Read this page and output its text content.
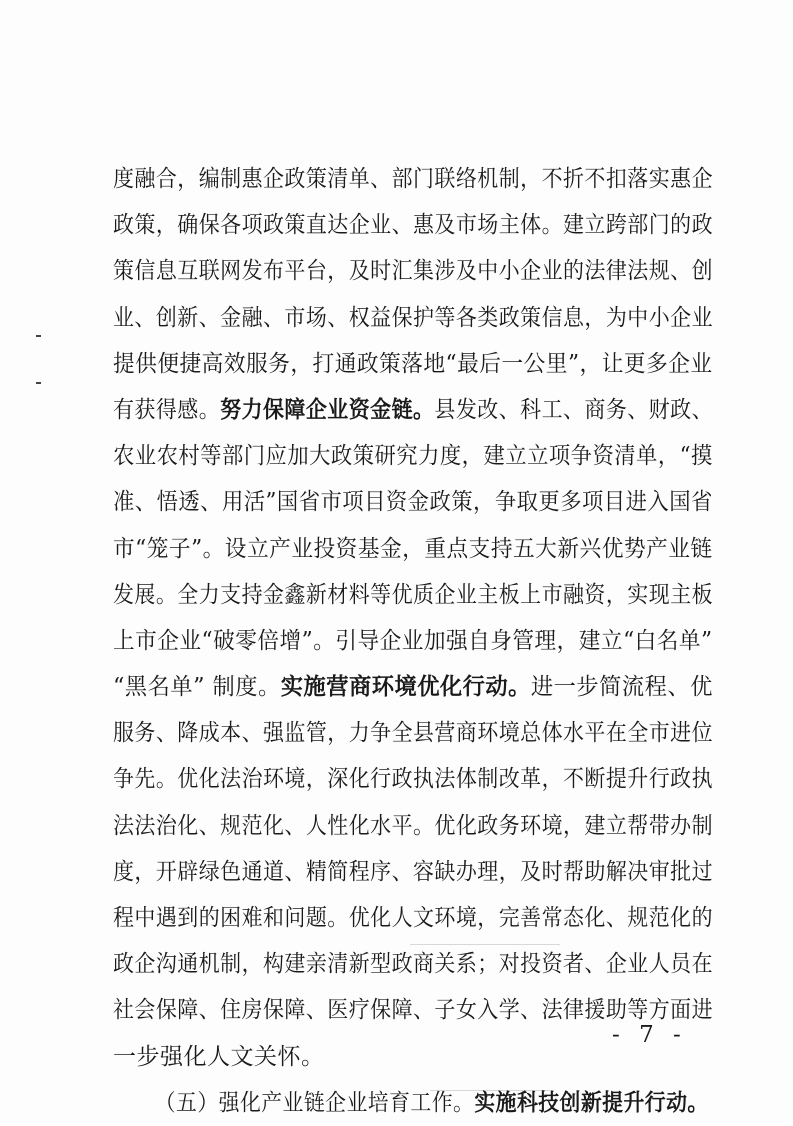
度融合，编制惠企政策清单、部门联络机制，不折不扣落实惠企
政策，确保各项政策直达企业、惠及市场主体。建立跨部门的政
策信息互联网发布平台，及时汇集涉及中小企业的法律法规、创
业、创新、金融、市场、权益保护等各类政策信息，为中小企业
提供便捷高效服务，打通政策落地“最后一公里”，让更多企业
有获得感。努力保障企业资金链。县发改、科工、商务、财政、
农业农村等部门应加大政策研究力度，建立立项争资清单，“摸
准、悟透、用活”国省市项目资金政策，争取更多项目进入国省
市“笼子”。设立产业投资基金，重点支持五大新兴优势产业链
发展。全力支持金鑫新材料等优质企业主板上市融资，实现主板
上市企业“破零倍增”。引导企业加强自身管理，建立“白名单”
“黑名单” 制度。实施营商环境优化行动。进一步简流程、优
服务、降成本、强监管，力争全县营商环境总体水平在全市进位
争先。优化法治环境，深化行政执法体制改革，不断提升行政执
法法治化、规范化、人性化水平。优化政务环境，建立帮带办制
度，开辟绿色通道、精简程序、容缺办理，及时帮助解决审批过
程中遇到的困难和问题。优化人文环境，完善常态化、规范化的
政企沟通机制，构建亲清新型政商关系；对投资者、企业人员在
社会保障、住房保障、医疗保障、子女入学、法律援助等方面进
一步强化人文关怀。
（五）强化产业链企业培育工作。实施科技创新提升行动。
- 7 -
